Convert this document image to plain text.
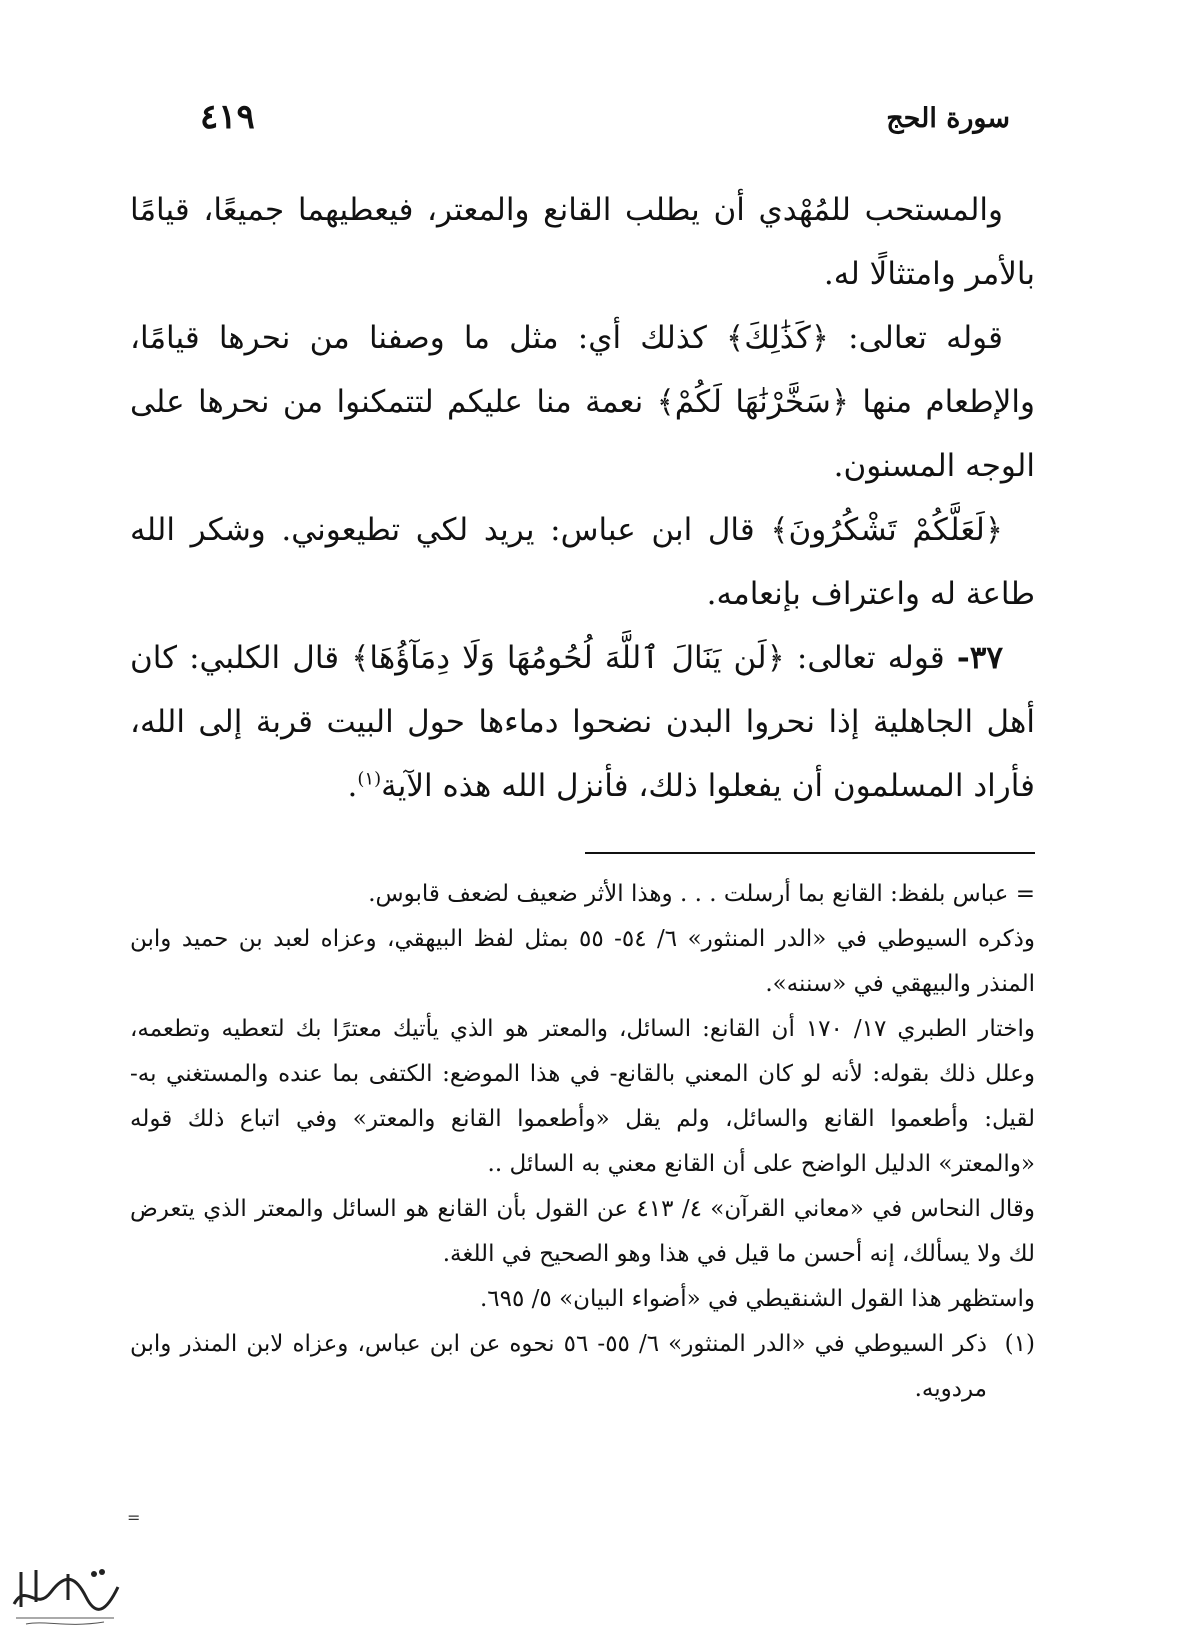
سورة الحج
٤١٩

والمستحب للمُهْدي أن يطلب القانع والمعتر، فيعطيهما جميعًا، قيامًا بالأمر وامتثالًا له.

قوله تعالى: ﴿كَذَٰلِكَ﴾ كذلك أي: مثل ما وصفنا من نحرها قيامًا، والإطعام منها ﴿سَخَّرْنَٰهَا لَكُمْ﴾ نعمة منا عليكم لتتمكنوا من نحرها على الوجه المسنون.

﴿لَعَلَّكُمْ تَشْكُرُونَ﴾ قال ابن عباس: يريد لكي تطيعوني. وشكر الله طاعة له واعتراف بإنعامه.

٣٧- قوله تعالى: ﴿لَن يَنَالَ ٱللَّهَ لُحُومُهَا وَلَا دِمَآؤُهَا﴾ قال الكلبي: كان أهل الجاهلية إذا نحروا البدن نضحوا دماءها حول البيت قربة إلى الله، فأراد المسلمون أن يفعلوا ذلك، فأنزل الله هذه الآية$^{(١)}$.

= عباس بلفظ: القانع بما أرسلت . . . وهذا الأثر ضعيف لضعف قابوس.

وذكره السيوطي في «الدر المنثور» ٦/ ٥٤- ٥٥ بمثل لفظ البيهقي، وعزاه لعبد بن حميد وابن المنذر والبيهقي في «سننه».

واختار الطبري ١٧/ ١٧٠ أن القانع: السائل، والمعتر هو الذي يأتيك معترًا بك لتعطيه وتطعمه، وعلل ذلك بقوله: لأنه لو كان المعني بالقانع- في هذا الموضع: الكتفى بما عنده والمستغني به- لقيل: وأطعموا القانع والسائل، ولم يقل «وأطعموا القانع والمعتر» وفي اتباع ذلك قوله «والمعتر» الدليل الواضح على أن القانع معني به السائل ..

وقال النحاس في «معاني القرآن» ٤/ ٤١٣ عن القول بأن القانع هو السائل والمعتر الذي يتعرض لك ولا يسألك، إنه أحسن ما قيل في هذا وهو الصحيح في اللغة.

واستظهر هذا القول الشنقيطي في «أضواء البيان» ٥/ ٦٩٥.

(١)
ذكر السيوطي في «الدر المنثور» ٦/ ٥٥- ٥٦ نحوه عن ابن عباس، وعزاه لابن المنذر وابن مردويه.

=
